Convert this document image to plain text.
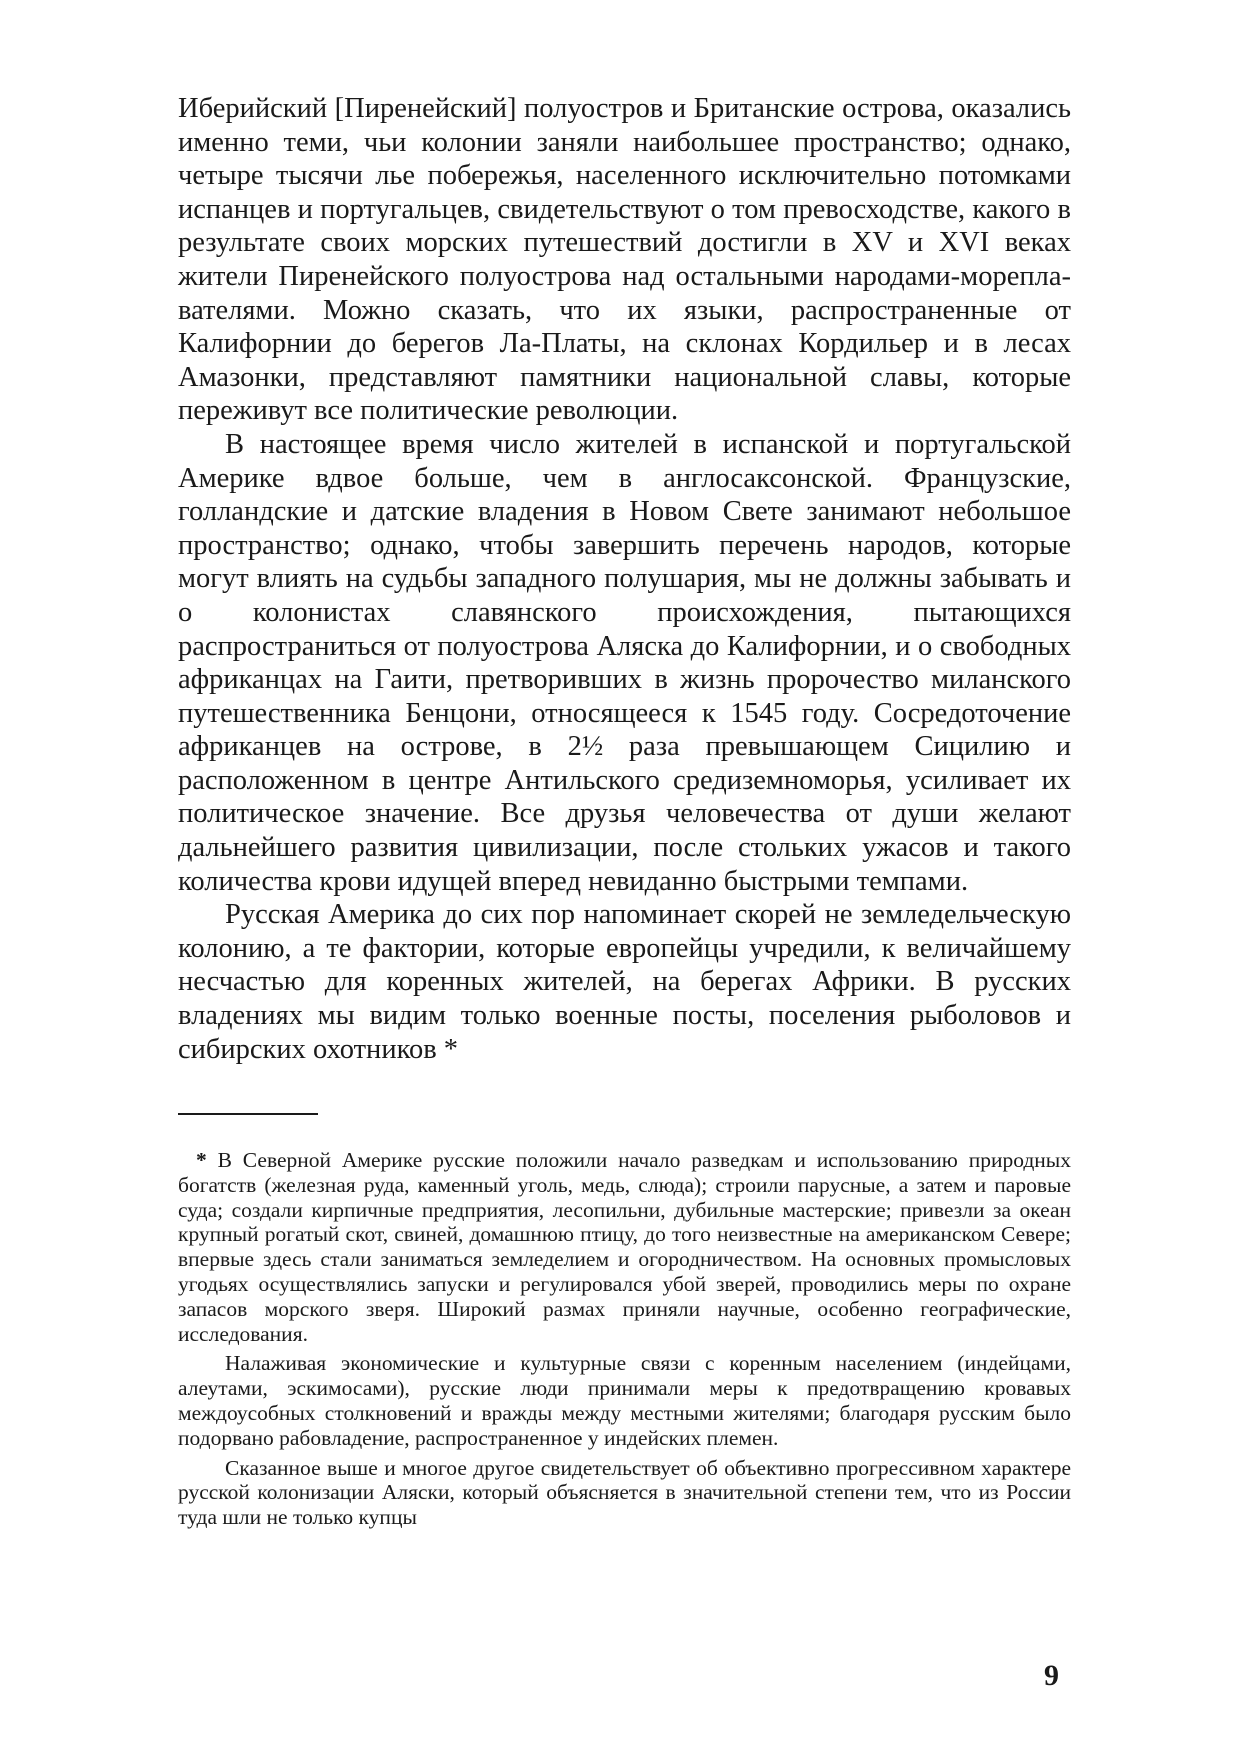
Иберийский [Пиренейский] полуостров и Британские острова, оказались именно теми, чьи колонии заняли наибольшее пространство; однако, четыре тысячи лье побережья, населенного исключительно потомками испанцев и португальцев, свидетельствуют о том превосходстве, какого в результате своих морских путешествий достигли в XV и XVI веках жители Пиренейского полуострова над остальными народами-мореплавателями. Можно сказать, что их языки, распространенные от Калифорнии до берегов Ла-Платы, на склонах Кордильер и в лесах Амазонки, представляют памятники национальной славы, которые переживут все политические революции.

В настоящее время число жителей в испанской и португальской Америке вдвое больше, чем в англосаксонской. Французские, голландские и датские владения в Новом Свете занимают небольшое пространство; однако, чтобы завершить перечень народов, которые могут влиять на судьбы западного полушария, мы не должны забывать и о колонистах славянского происхождения, пытающихся распространиться от полуострова Аляска до Калифорнии, и о свободных африканцах на Гаити, претворивших в жизнь пророчество миланского путешественника Бенцони, относящееся к 1545 году. Сосредоточение африканцев на острове, в 2½ раза превышающем Сицилию и расположенном в центре Антильского средиземноморья, усиливает их политическое значение. Все друзья человечества от души желают дальнейшего развития цивилизации, после стольких ужасов и такого количества крови идущей вперед невиданно быстрыми темпами.

Русская Америка до сих пор напоминает скорей не земледельческую колонию, а те фактории, которые европейцы учредили, к величайшему несчастью для коренных жителей, на берегах Африки. В русских владениях мы видим только военные посты, поселения рыболовов и сибирских охотников *

* В Северной Америке русские положили начало разведкам и использованию природных богатств (железная руда, каменный уголь, медь, слюда); строили парусные, а затем и паровые суда; создали кирпичные предприятия, лесопильни, дубильные мастерские; привезли за океан крупный рогатый скот, свиней, домашнюю птицу, до того неизвестные на американском Севере; впервые здесь стали заниматься земледелием и огородничеством. На основных промысловых угодьях осуществлялись запуски и регулировался убой зверей, проводились меры по охране запасов морского зверя. Широкий размах приняли научные, особенно географические, исследования.

Налаживая экономические и культурные связи с коренным населением (индейцами, алеутами, эскимосами), русские люди принимали меры к предотвращению кровавых междоусобных столкновений и вражды между местными жителями; благодаря русским было подорвано рабовладение, распространенное у индейских племен.

Сказанное выше и многое другое свидетельствует об объективно прогрессивном характере русской колонизации Аляски, который объясняется в значительной степени тем, что из России туда шли не только купцы

9
